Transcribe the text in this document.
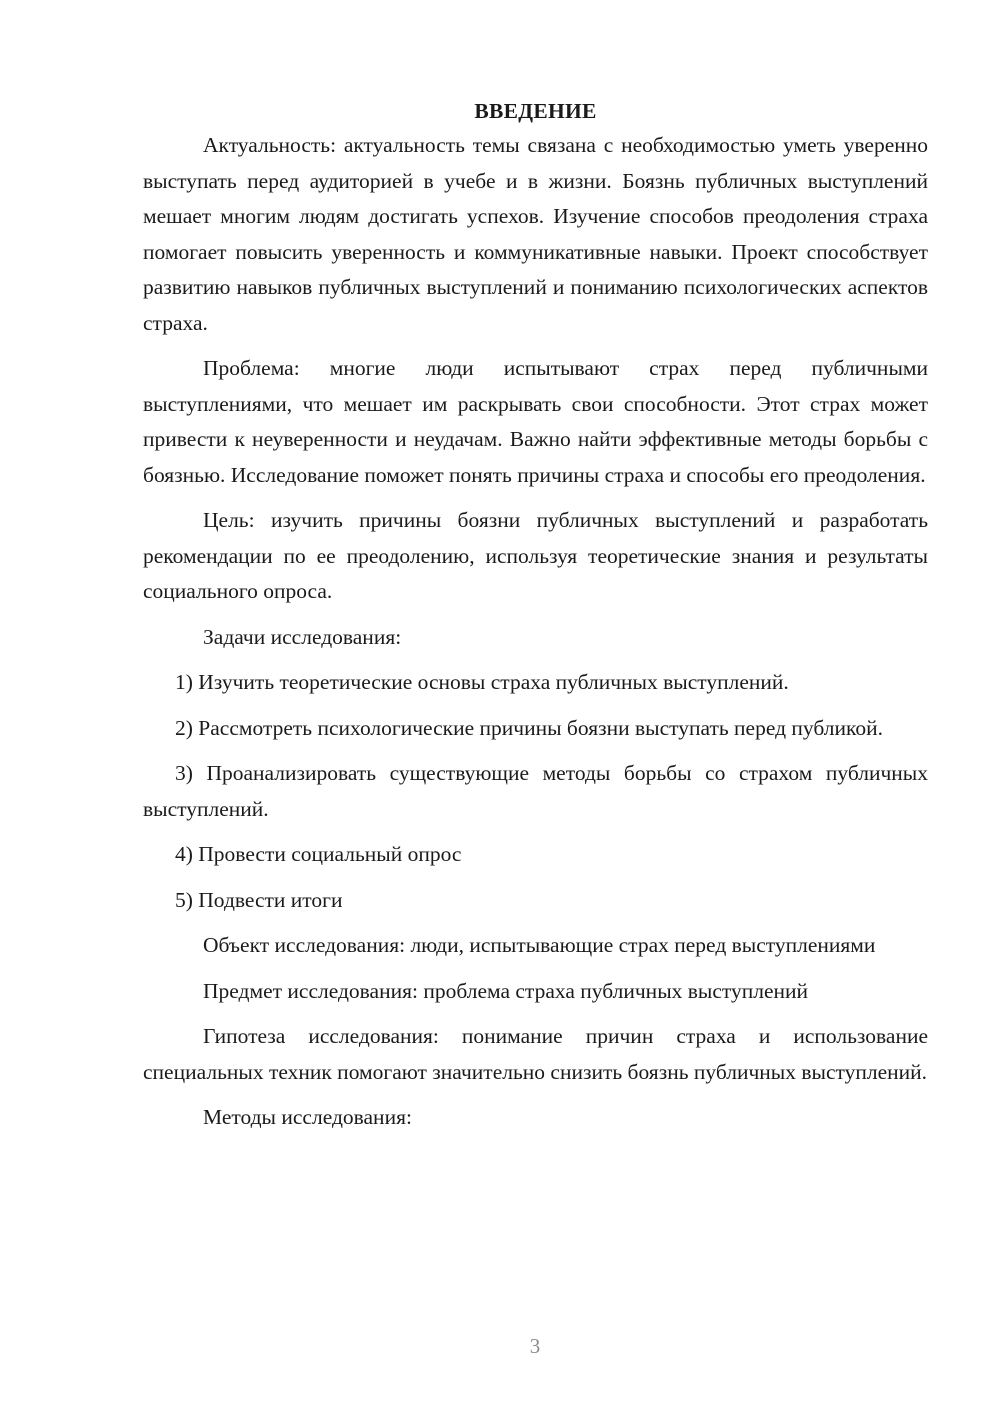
ВВЕДЕНИЕ

Актуальность: актуальность темы связана с необходимостью уметь уверенно выступать перед аудиторией в учебе и в жизни. Боязнь публичных выступлений мешает многим людям достигать успехов. Изучение способов преодоления страха помогает повысить уверенность и коммуникативные навыки. Проект способствует развитию навыков публичных выступлений и пониманию психологических аспектов страха.

Проблема: многие люди испытывают страх перед публичными выступлениями, что мешает им раскрывать свои способности. Этот страх может привести к неуверенности и неудачам. Важно найти эффективные методы борьбы с боязнью. Исследование поможет понять причины страха и способы его преодоления.

Цель: изучить причины боязни публичных выступлений и разработать рекомендации по ее преодолению, используя теоретические знания и результаты социального опроса.

Задачи исследования:

1) Изучить теоретические основы страха публичных выступлений.

2) Рассмотреть психологические причины боязни выступать перед публикой.

3) Проанализировать существующие методы борьбы со страхом публичных выступлений.

4) Провести социальный опрос

5) Подвести итоги

Объект исследования: люди, испытывающие страх перед выступлениями

Предмет исследования: проблема страха публичных выступлений

Гипотеза исследования: понимание причин страха и использование специальных техник помогают значительно снизить боязнь публичных выступлений.

Методы исследования:

3
